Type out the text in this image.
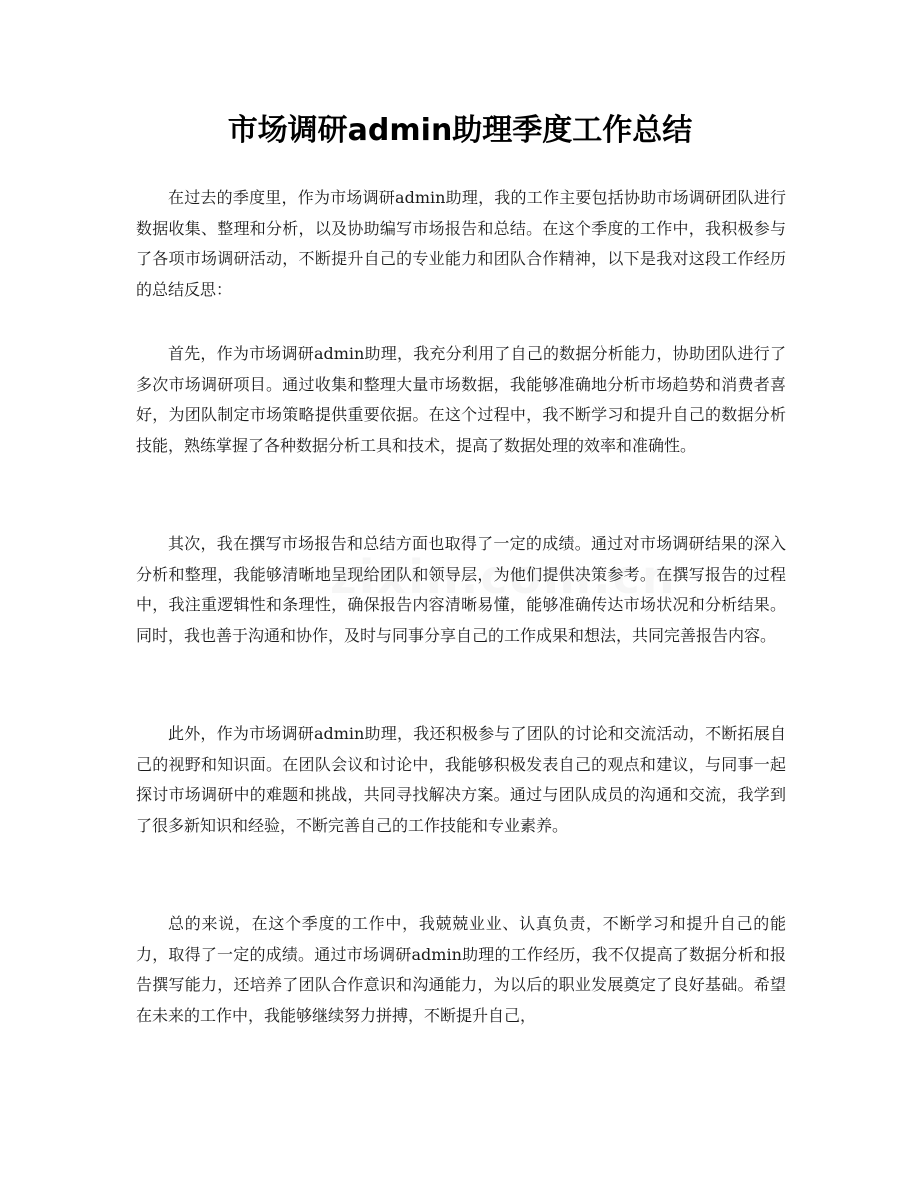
市场调研admin助理季度工作总结

在过去的季度里，作为市场调研admin助理，我的工作主要包括协助市场调研团队进行数据收集、整理和分析，以及协助编写市场报告和总结。在这个季度的工作中，我积极参与了各项市场调研活动，不断提升自己的专业能力和团队合作精神，以下是我对这段工作经历的总结反思：

首先，作为市场调研admin助理，我充分利用了自己的数据分析能力，协助团队进行了多次市场调研项目。通过收集和整理大量市场数据，我能够准确地分析市场趋势和消费者喜好，为团队制定市场策略提供重要依据。在这个过程中，我不断学习和提升自己的数据分析技能，熟练掌握了各种数据分析工具和技术，提高了数据处理的效率和准确性。

其次，我在撰写市场报告和总结方面也取得了一定的成绩。通过对市场调研结果的深入分析和整理，我能够清晰地呈现给团队和领导层，为他们提供决策参考。在撰写报告的过程中，我注重逻辑性和条理性，确保报告内容清晰易懂，能够准确传达市场状况和分析结果。同时，我也善于沟通和协作，及时与同事分享自己的工作成果和想法，共同完善报告内容。

此外，作为市场调研admin助理，我还积极参与了团队的讨论和交流活动，不断拓展自己的视野和知识面。在团队会议和讨论中，我能够积极发表自己的观点和建议，与同事一起探讨市场调研中的难题和挑战，共同寻找解决方案。通过与团队成员的沟通和交流，我学到了很多新知识和经验，不断完善自己的工作技能和专业素养。

总的来说，在这个季度的工作中，我兢兢业业、认真负责，不断学习和提升自己的能力，取得了一定的成绩。通过市场调研admin助理的工作经历，我不仅提高了数据分析和报告撰写能力，还培养了团队合作意识和沟通能力，为以后的职业发展奠定了良好基础。希望在未来的工作中，我能够继续努力拼搏，不断提升自己，
